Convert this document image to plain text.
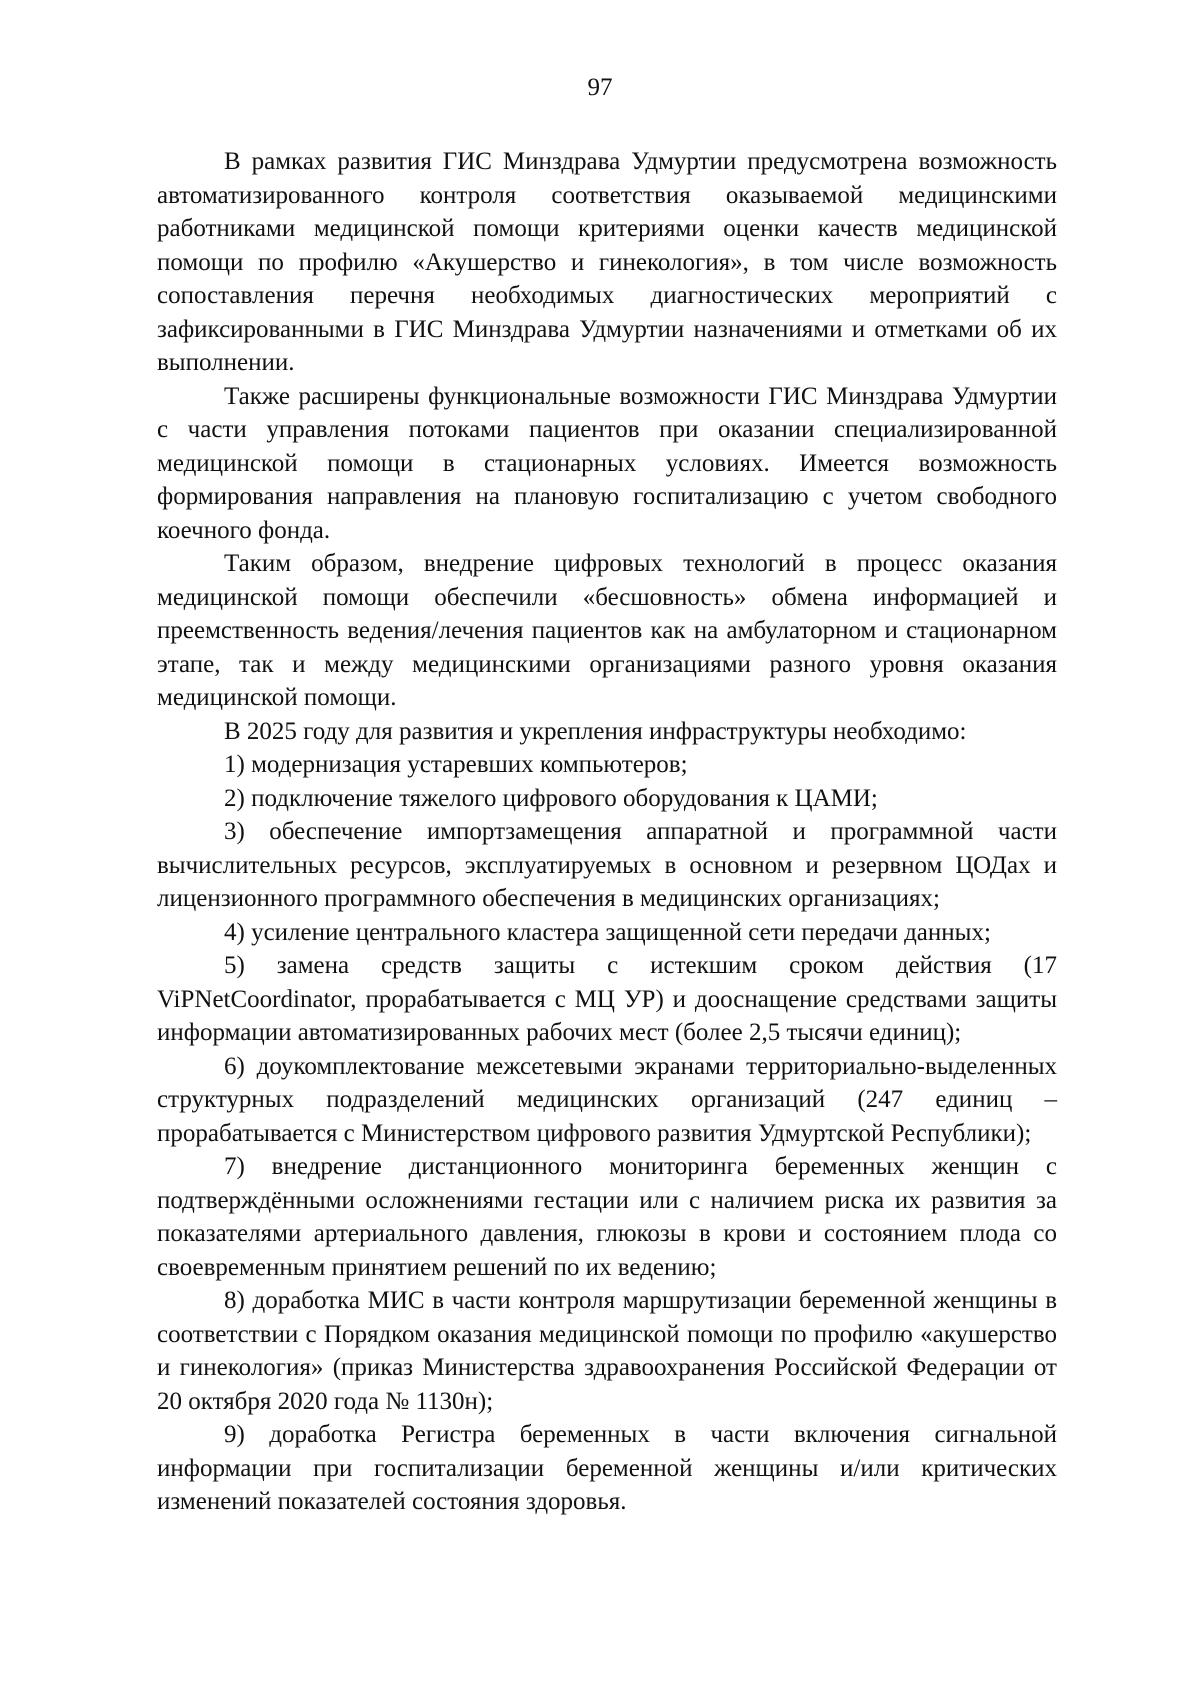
97

В рамках развития ГИС Минздрава Удмуртии предусмотрена возможность автоматизированного контроля соответствия оказываемой медицинскими работниками медицинской помощи критериями оценки качеств медицинской помощи по профилю «Акушерство и гинекология», в том числе возможность сопоставления перечня необходимых диагностических мероприятий с зафиксированными в ГИС Минздрава Удмуртии назначениями и отметками об их выполнении.

Также расширены функциональные возможности ГИС Минздрава Удмуртии с части управления потоками пациентов при оказании специализированной медицинской помощи в стационарных условиях. Имеется возможность формирования направления на плановую госпитализацию с учетом свободного коечного фонда.

Таким образом, внедрение цифровых технологий в процесс оказания медицинской помощи обеспечили «бесшовность» обмена информацией и преемственность ведения/лечения пациентов как на амбулаторном и стационарном этапе, так и между медицинскими организациями разного уровня оказания медицинской помощи.

В 2025 году для развития и укрепления инфраструктуры необходимо:

1) модернизация устаревших компьютеров;

2) подключение тяжелого цифрового оборудования к ЦАМИ;

3) обеспечение импортзамещения аппаратной и программной части вычислительных ресурсов, эксплуатируемых в основном и резервном ЦОДах и лицензионного программного обеспечения в медицинских организациях;

4) усиление центрального кластера защищенной сети передачи данных;

5) замена средств защиты с истекшим сроком действия (17 ViPNetCoordinator, прорабатывается с МЦ УР) и дооснащение средствами защиты информации автоматизированных рабочих мест (более 2,5 тысячи единиц);

6) доукомплектование межсетевыми экранами территориально-выделенных структурных подразделений медицинских организаций (247 единиц – прорабатывается с Министерством цифрового развития Удмуртской Республики);

7) внедрение дистанционного мониторинга беременных женщин с подтверждёнными осложнениями гестации или с наличием риска их развития за показателями артериального давления, глюкозы в крови и состоянием плода со своевременным принятием решений по их ведению;

8) доработка МИС в части контроля маршрутизации беременной женщины в соответствии с Порядком оказания медицинской помощи по профилю «акушерство и гинекология» (приказ Министерства здравоохранения Российской Федерации от 20 октября 2020 года № 1130н);

9) доработка Регистра беременных в части включения сигнальной информации при госпитализации беременной женщины и/или критических изменений показателей состояния здоровья.
